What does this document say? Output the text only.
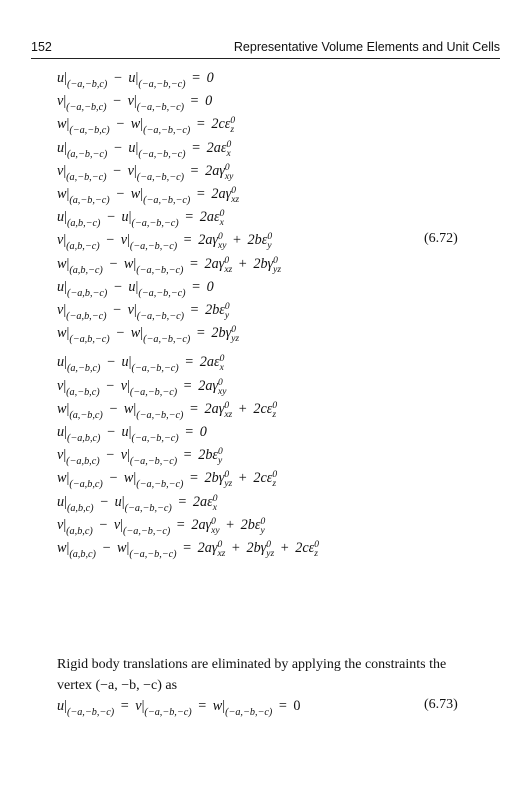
152	Representative Volume Elements and Unit Cells
$u|_{(-a,-b,c)} - u|_{(-a,-b,-c)} = 0$
$v|_{(-a,-b,c)} - v|_{(-a,-b,-c)} = 0$
$w|_{(-a,-b,c)} - w|_{(-a,-b,-c)} = 2c\varepsilon 0$
z
$u|_{(a,-b,-c)} - u|_{(-a,-b,-c)} = 2a\varepsilon 0$
x
$v|_{(a,-b,-c)} - v|_{(-a,-b,-c)} = 2a\gamma 0$
xy
$w|_{(a,-b,-c)} - w|_{(-a,-b,-c)} = 2a\gamma 0$
xz
$u|_{(a,b,-c)} - u|_{(-a,-b,-c)} = 2a\varepsilon 0$
x
$v|_{(a,b,-c)} - v|_{(-a,-b,-c)} = 2a\gamma 0$
xy + 2bε0
y
$w|_{(a,b,-c)} - w|_{(-a,-b,-c)} = 2a\gamma 0$
xz + 2bγ0
yz
$u|_{(-a,b,-c)} - u|_{(-a,-b,-c)} = 0$
$v|_{(-a,b,-c)} - v|_{(-a,-b,-c)} = 2b\varepsilon 0$
y
$w|_{(-a,b,-c)} - w|_{(-a,-b,-c)} = 2b\gamma 0$
yz
$u|_{(a,-b,c)} - u|_{(-a,-b,-c)} = 2a\varepsilon 0$
x
$v|_{(a,-b,c)} - v|_{(-a,-b,-c)} = 2a\gamma 0$
xy
$w|_{(a,-b,c)} - w|_{(-a,-b,-c)} = 2a\gamma 0$
xz + 2cε0
z
$u|_{(-a,b,c)} - u|_{(-a,-b,-c)} = 0$
$v|_{(-a,b,c)} - v|_{(-a,-b,-c)} = 2b\varepsilon 0$
y
$w|_{(-a,b,c)} - w|_{(-a,-b,-c)} = 2b\gamma 0$
yz + 2cε0
z
$u|_{(a,b,c)} - u|_{(-a,-b,-c)} = 2a\varepsilon 0$
x
$v|_{(a,b,c)} - v|_{(-a,-b,-c)} = 2a\gamma 0$
xy + 2bε0
y
$w|_{(a,b,c)} - w|_{(-a,-b,-c)} = 2a\gamma 0$
xz + 2bγ0
yz + 2cε0
z
(6.72)
Rigid body translations are eliminated by applying the constraints the vertex (−a, −b, −c) as
$u|_{(-a,-b,-c)} = v|_{(-a,-b,-c)} = w|_{(-a,-b,-c)} = 0$	(6.73)
